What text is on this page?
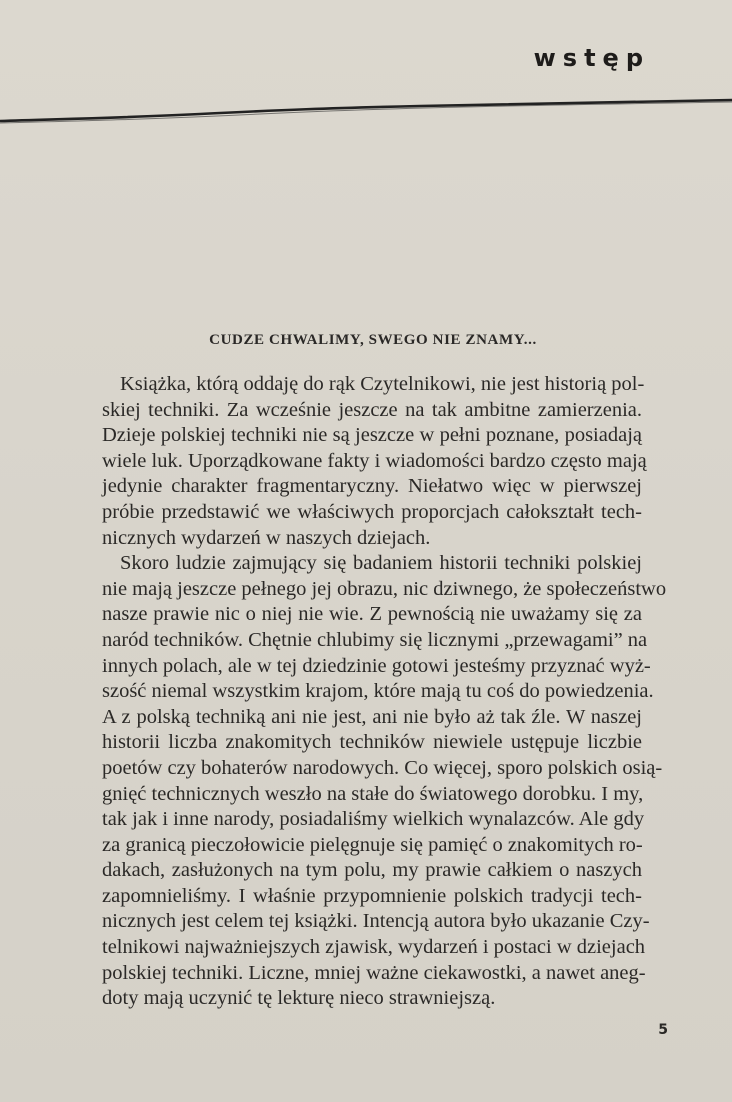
wstęp
CUDZE CHWALIMY, SWEGO NIE ZNAMY...
Książka, którą oddaję do rąk Czytelnikowi, nie jest historią pol-
skiej techniki. Za wcześnie jeszcze na tak ambitne zamierzenia.
Dzieje polskiej techniki nie są jeszcze w pełni poznane, posiadają
wiele luk. Uporządkowane fakty i wiadomości bardzo często mają
jedynie charakter fragmentaryczny. Niełatwo więc w pierwszej
próbie przedstawić we właściwych proporcjach całokształt tech-
nicznych wydarzeń w naszych dziejach.
Skoro ludzie zajmujący się badaniem historii techniki polskiej
nie mają jeszcze pełnego jej obrazu, nic dziwnego, że społeczeństwo
nasze prawie nic o niej nie wie. Z pewnością nie uważamy się za
naród techników. Chętnie chlubimy się licznymi „przewagami” na
innych polach, ale w tej dziedzinie gotowi jesteśmy przyznać wyż-
szość niemal wszystkim krajom, które mają tu coś do powiedzenia.
A z polską techniką ani nie jest, ani nie było aż tak źle. W naszej
historii liczba znakomitych techników niewiele ustępuje liczbie
poetów czy bohaterów narodowych. Co więcej, sporo polskich osią-
gnięć technicznych weszło na stałe do światowego dorobku. I my,
tak jak i inne narody, posiadaliśmy wielkich wynalazców. Ale gdy
za granicą pieczołowicie pielęgnuje się pamięć o znakomitych ro-
dakach, zasłużonych na tym polu, my prawie całkiem o naszych
zapomnieliśmy. I właśnie przypomnienie polskich tradycji tech-
nicznych jest celem tej książki. Intencją autora było ukazanie Czy-
telnikowi najważniejszych zjawisk, wydarzeń i postaci w dziejach
polskiej techniki. Liczne, mniej ważne ciekawostki, a nawet aneg-
doty mają uczynić tę lekturę nieco strawniejszą.
5
